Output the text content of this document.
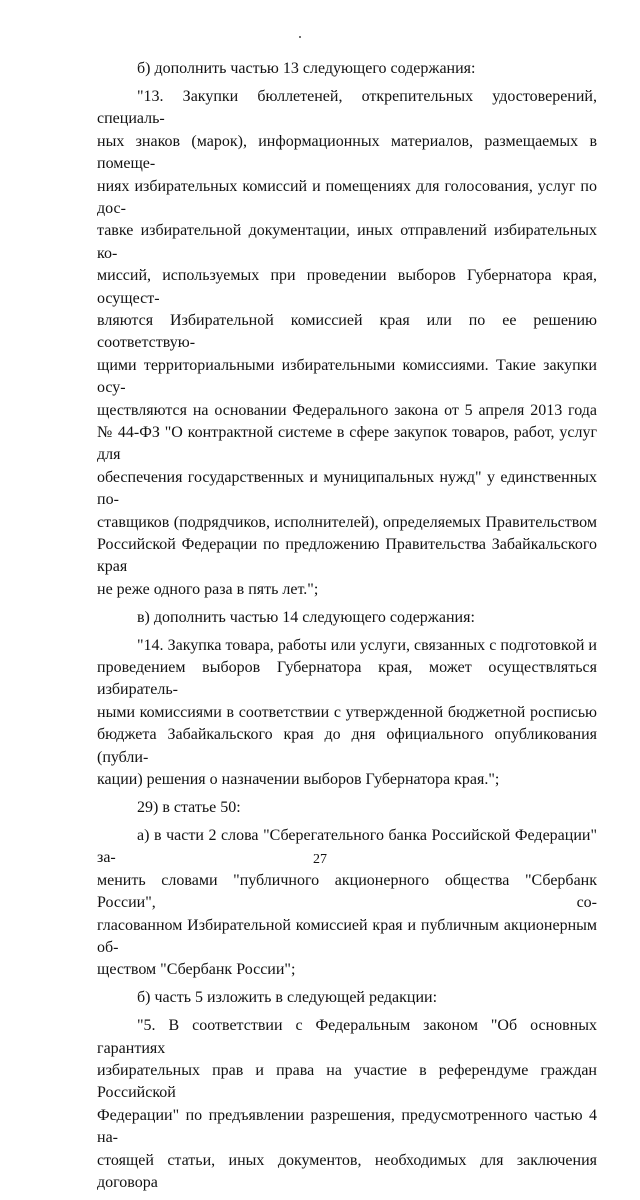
б) дополнить частью 13 следующего содержания:

"13. Закупки бюллетеней, открепительных удостоверений, специаль-
ных знаков (марок), информационных материалов, размещаемых в помеще-
ниях избирательных комиссий и помещениях для голосования, услуг по дос-
тавке избирательной документации, иных отправлений избирательных ко-
миссий, используемых при проведении выборов Губернатора края, осущест-
вляются Избирательной комиссией края или по ее решению соответствую-
щими территориальными избирательными комиссиями. Такие закупки осу-
ществляются на основании Федерального закона от 5 апреля 2013 года
№ 44-ФЗ "О контрактной системе в сфере закупок товаров, работ, услуг для
обеспечения государственных и муниципальных нужд" у единственных по-
ставщиков (подрядчиков, исполнителей), определяемых Правительством
Российской Федерации по предложению Правительства Забайкальского края
не реже одного раза в пять лет.";

в) дополнить частью 14 следующего содержания:

"14. Закупка товара, работы или услуги, связанных с подготовкой и
проведением выборов Губернатора края, может осуществляться избиратель-
ными комиссиями в соответствии с утвержденной бюджетной росписью
бюджета Забайкальского края до дня официального опубликования (публи-
кации) решения о назначении выборов Губернатора края.";

29) в статье 50:

а) в части 2 слова "Сберегательного банка Российской Федерации" за-
менить словами "публичного акционерного общества "Сбербанк России", со-
гласованном Избирательной комиссией края и публичным акционерным об-
ществом "Сбербанк России";

б) часть 5 изложить в следующей редакции:

"5. В соответствии с Федеральным законом "Об основных гарантиях
избирательных прав и права на участие в референдуме граждан Российской
Федерации" по предъявлении разрешения, предусмотренного частью 4 на-
стоящей статьи, иных документов, необходимых для заключения договора

27
